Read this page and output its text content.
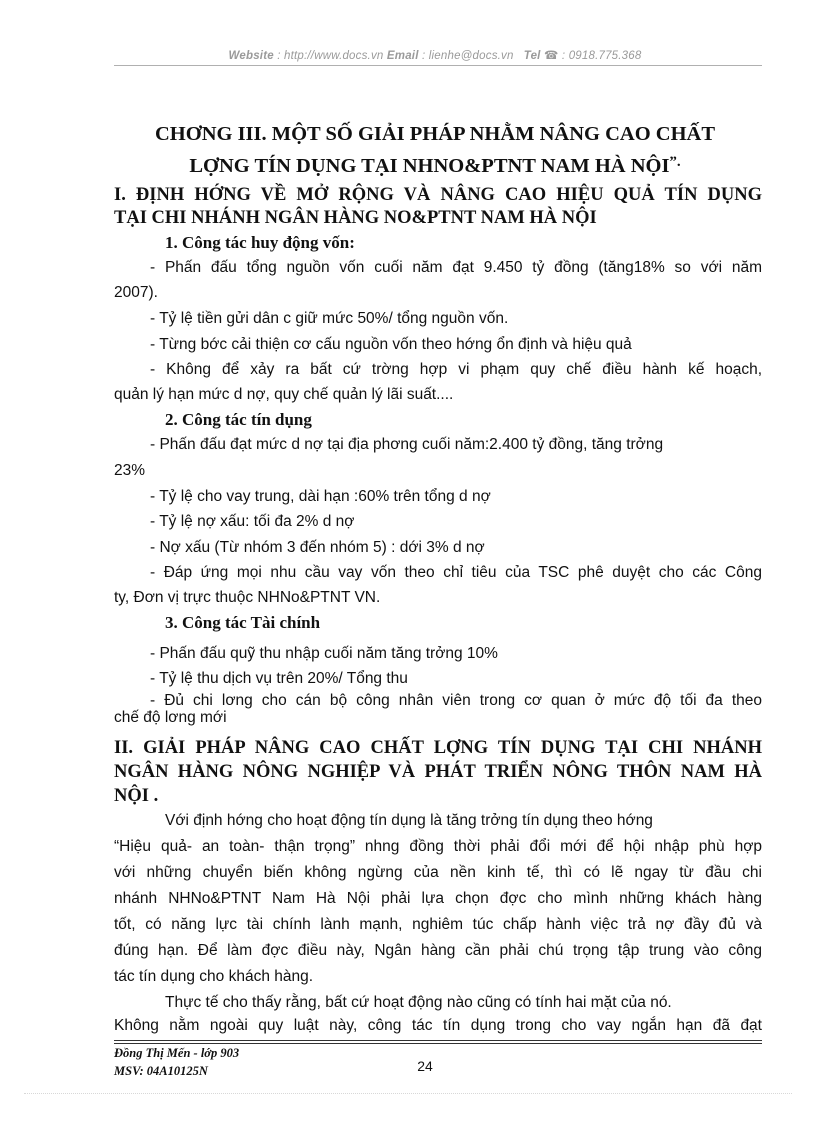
Website : http://www.docs.vn Email : lienhe@docs.vn Tel ☎ : 0918.775.368
CHƠNG III. MỘT SỐ GIẢI PHÁP NHẰM NÂNG CAO CHẤT
LỢNG TÍN DỤNG TẠI NHNO&PTNT NAM HÀ NỘI”.
I. ĐỊNH HỚNG VỀ MỞ RỘNG VÀ NÂNG CAO HIỆU QUẢ TÍN DỤNG
TẠI CHI NHÁNH NGÂN HÀNG NO&PTNT NAM HÀ NỘI
1. Công tác huy động vốn:
- Phấn đấu tổng nguồn vốn cuối năm đạt 9.450 tỷ đồng (tăng18% so với năm
2007).
- Tỷ lệ tiền gửi dân c giữ mức 50%/ tổng nguồn vốn.
- Từng bớc cải thiện cơ cấu nguồn vốn theo hớng ổn định và hiệu quả
- Không để xảy ra bất cứ trờng hợp vi phạm quy chế điều hành kế hoạch,
quản lý hạn mức d nợ, quy chế quản lý lãi suất....
2. Công tác tín dụng
- Phấn đấu đạt mức d nợ tại địa phơng cuối năm:2.400 tỷ đồng, tăng trởng
23%
- Tỷ lệ cho vay trung, dài hạn :60% trên tổng d nợ
- Tỷ lệ nợ xấu: tối đa 2% d nợ
- Nợ xấu (Từ nhóm 3 đến nhóm 5) : dới 3% d nợ
- Đáp ứng mọi nhu cầu vay vốn theo chỉ tiêu của TSC phê duyệt cho các Công
ty, Đơn vị trực thuộc NHNo&PTNT VN.
3. Công tác Tài chính
- Phấn đấu quỹ thu nhập cuối năm tăng trởng 10%
- Tỷ lệ thu dịch vụ trên 20%/ Tổng thu
- Đủ chi lơng cho cán bộ công nhân viên trong cơ quan ở mức độ tối đa theo
chế độ lơng mới
II. GIẢI PHÁP NÂNG CAO CHẤT LỢNG TÍN DỤNG TẠI CHI NHÁNH
NGÂN HÀNG NÔNG NGHIỆP VÀ PHÁT TRIỂN NÔNG THÔN NAM HÀ
NỘI .
Với định hớng cho hoạt động tín dụng là tăng trởng tín dụng theo hớng
“Hiệu quả- an toàn- thận trọng” nhng đồng thời phải đổi mới để hội nhập phù hợp
với những chuyển biến không ngừng của nền kinh tế, thì có lẽ ngay từ đầu chi
nhánh NHNo&PTNT Nam Hà Nội phải lựa chọn đợc cho mình những khách hàng
tốt, có năng lực tài chính lành mạnh, nghiêm túc chấp hành việc trả nợ đầy đủ và
đúng hạn. Để làm đợc điều này, Ngân hàng cần phải chú trọng tập trung vào công
tác tín dụng cho khách hàng.
Thực tế cho thấy rằng, bất cứ hoạt động nào cũng có tính hai mặt của nó.
Không nằm ngoài quy luật này, công tác tín dụng trong cho vay ngắn hạn đã đạt
Đồng Thị Mến - lớp 903
MSV: 04A10125N	24
